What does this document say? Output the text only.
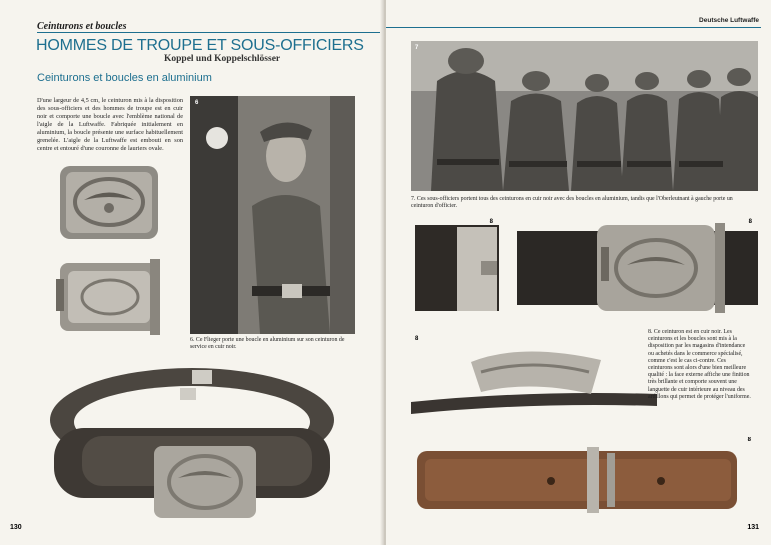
Ceinturons et boucles
HOMMES DE TROUPE ET SOUS-OFFICIERS
Koppel und Koppelschlösser
Ceinturons et boucles en aluminium
D'une largeur de 4,5 cm, le ceinturon mis à la disposition des sous-officiers et des hommes de troupe est en cuir noir et comporte une boucle avec l'emblème national de l'aigle de la Luftwaffe. Fabriquée initialement en aluminium, la boucle présente une surface habituellement grenelée. L'aigle de la Luftwaffe est embouti en son centre et entouré d'une couronne de lauriers ovale.
6
6. Ce Flieger porte une boucle en aluminium sur son ceinturon de service en cuir noir.
130
Deutsche Luftwaffe
7
7. Ces sous-officiers portent tous des ceinturons en cuir noir avec des boucles en aluminium, tandis que l'Oberleutnant à gauche porte un ceinturon d'officier.
8	8
8
8. Ce ceinturon est en cuir noir. Les ceinturons et les boucles sont mis à la disposition par les magasins d'intendance ou achetés dans le commerce spécialisé, comme c'est le cas ci-contre. Ces ceinturons sont alors d'une bien meilleure qualité : la face externe affiche une finition très brillante et comporte souvent une languette de cuir intérieure au niveau des ardillons qui permet de protéger l'uniforme.
8
131
